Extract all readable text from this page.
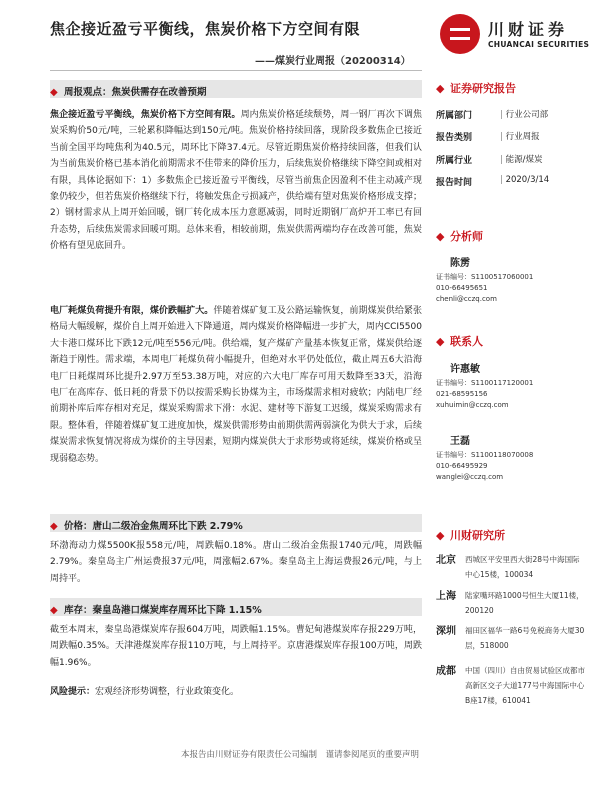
焦企接近盈亏平衡线，焦炭价格下方空间有限
——煤炭行业周报（20200314）
川财证券
CHUANCAI SECURITIES
◆ 周报观点：焦炭供需存在改善预期

焦企接近盈亏平衡线，焦炭价格下方空间有限。周内焦炭价格延续颓势，周一钢厂再次下调焦炭采购价50元/吨，三轮累积降幅达到150元/吨。焦炭价格持续回落，现阶段多数焦企已接近当前全国平均吨焦利为40.5元，周环比下降37.4元。尽管近期焦炭价格持续回落，但我们认为当前焦炭价格已基本消化前期需求不佳带来的降价压力，后续焦炭价格继续下降空间或相对有限，具体论据如下：1）多数焦企已接近盈亏平衡线，尽管当前焦企因盈利不佳主动减产现象仍较少，但若焦炭价格继续下行，将触发焦企亏损减产，供给端有望对焦炭价格形成支撑；2）钢材需求从上周开始回暖，钢厂转化成本压力意愿减弱，同时近期钢厂高炉开工率已有回升态势，后续焦炭需求回暖可期。总体来看，相较前期，焦炭供需两端均存在改善可能，焦炭价格有望见底回升。

电厂耗煤负荷提升有限，煤价跌幅扩大。伴随着煤矿复工及公路运输恢复，前期煤炭供给紧张格局大幅缓解，煤价自上周开始进入下降通道，周内煤炭价格降幅进一步扩大，周内CCI5500大卡港口煤环比下跌12元/吨至556元/吨。供给端，复产煤矿产量基本恢复正常，煤炭供给逐渐趋于刚性。需求端，本周电厂耗煤负荷小幅提升，但绝对水平仍处低位，截止周五6大沿海电厂日耗煤周环比提升2.97万至53.38万吨，对应的六大电厂库存可用天数降至33天，沿海电厂在高库存、低日耗的背景下仍以按需采购长协煤为主，市场煤需求相对疲软；内陆电厂经前期补库后库存相对充足，煤炭采购需求下滑：水泥、建材等下游复工迟缓，煤炭采购需求有限。整体看，伴随着煤矿复工进度加快，煤炭供需形势由前期供需两弱演化为供大于求，后续煤炭需求恢复情况将成为煤价的主导因素，短期内煤炭供大于求形势或将延续，煤炭价格或呈现弱稳态势。

◆ 价格：唐山二级冶金焦周环比下跌 2.79%

环渤海动力煤5500K报558元/吨，周跌幅0.18%。唐山二级冶金焦报1740元/吨，周跌幅2.79%。秦皇岛主广州运费报37元/吨，周涨幅2.67%。秦皇岛主上海运费报26元/吨，与上周持平。

◆ 库存：秦皇岛港口煤炭库存周环比下降 1.15%

截至本周末，秦皇岛港煤炭库存报604万吨，周跌幅1.15%。曹妃甸港煤炭库存报229万吨，周跌幅0.35%。天津港煤炭库存报110万吨，与上周持平。京唐港煤炭库存报100万吨，周跌幅1.96%。

风险提示：宏观经济形势调整，行业政策变化。

◆ 证券研究报告
所属部门	| 行业公司部
报告类别	| 行业周报
所属行业	| 能源/煤炭
报告时间	| 2020/3/14
◆ 分析师
陈雳
证书编号：S1100517060001
010-66495651
chenli@cczq.com
◆ 联系人
许惠敏
证书编号：S1100117120001
021-68595156
xuhuimin@cczq.com
王磊
证书编号：S1100118070008
010-66495929
wanglei@cczq.com
◆ 川财研究所
北京 西城区平安里西大街28号中海国际中心15楼，100034
上海 陆家嘴环路1000号恒生大厦11楼，200120
深圳 福田区福华一路6号免税商务大厦30层，518000
成都 中国（四川）自由贸易试验区成都市高新区交子大道177号中海国际中心B座17楼，610041
本报告由川财证券有限责任公司编制　谨请参阅尾页的重要声明
